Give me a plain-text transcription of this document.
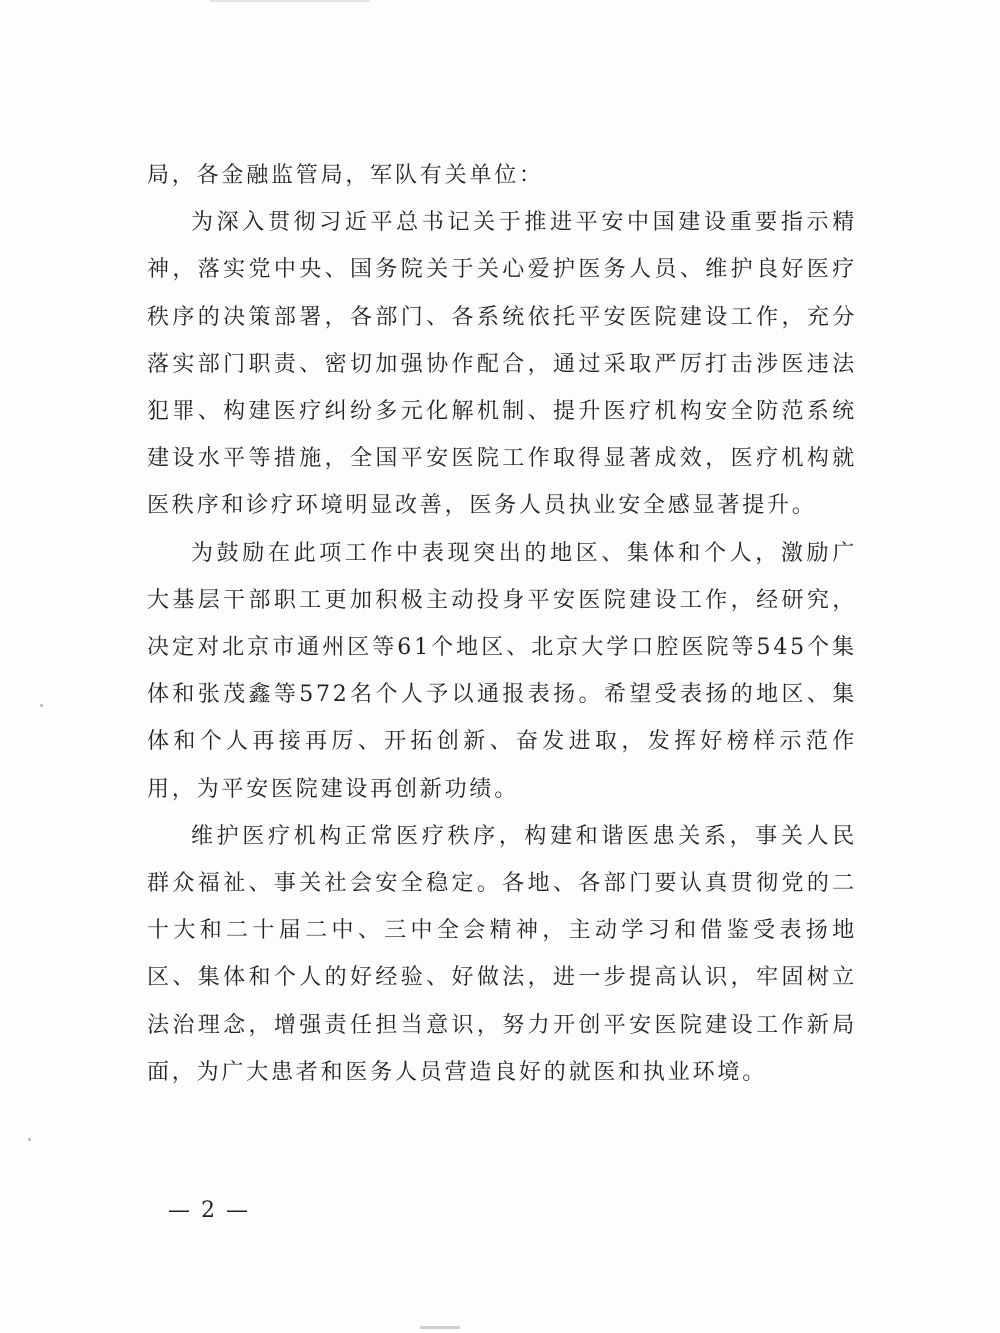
局，各金融监管局，军队有关单位：

为深入贯彻习近平总书记关于推进平安中国建设重要指示精神，落实党中央、国务院关于关心爱护医务人员、维护良好医疗秩序的决策部署，各部门、各系统依托平安医院建设工作，充分落实部门职责、密切加强协作配合，通过采取严厉打击涉医违法犯罪、构建医疗纠纷多元化解机制、提升医疗机构安全防范系统建设水平等措施，全国平安医院工作取得显著成效，医疗机构就医秩序和诊疗环境明显改善，医务人员执业安全感显著提升。

为鼓励在此项工作中表现突出的地区、集体和个人，激励广大基层干部职工更加积极主动投身平安医院建设工作，经研究，决定对北京市通州区等61个地区、北京大学口腔医院等545个集体和张茂鑫等572名个人予以通报表扬。希望受表扬的地区、集体和个人再接再厉、开拓创新、奋发进取，发挥好榜样示范作用，为平安医院建设再创新功绩。

维护医疗机构正常医疗秩序，构建和谐医患关系，事关人民群众福祉、事关社会安全稳定。各地、各部门要认真贯彻党的二十大和二十届二中、三中全会精神，主动学习和借鉴受表扬地区、集体和个人的好经验、好做法，进一步提高认识，牢固树立法治理念，增强责任担当意识，努力开创平安医院建设工作新局面，为广大患者和医务人员营造良好的就医和执业环境。

— 2 —
